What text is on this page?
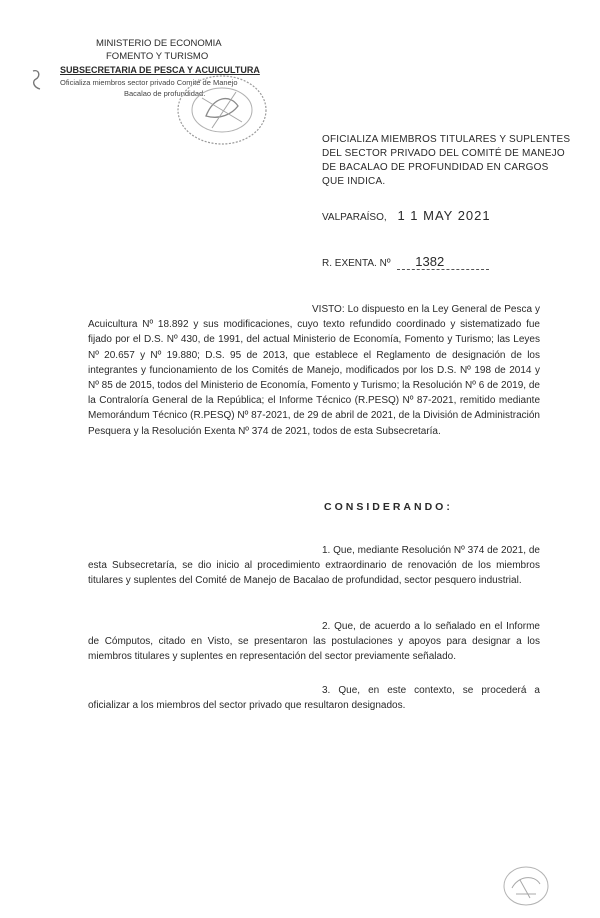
MINISTERIO DE ECONOMIA
FOMENTO Y TURISMO
SUBSECRETARIA DE PESCA Y ACUICULTURA
Oficializa miembros sector privado Comité de Manejo
Bacalao de profundidad.
OFICIALIZA MIEMBROS TITULARES Y SUPLENTES DEL SECTOR PRIVADO DEL COMITÉ DE MANEJO DE BACALAO DE PROFUNDIDAD EN CARGOS QUE INDICA.
VALPARAÍSO, 1 1 MAY 2021
R. EXENTA. Nº 1382
VISTO: Lo dispuesto en la Ley General de Pesca y Acuicultura Nº 18.892 y sus modificaciones, cuyo texto refundido coordinado y sistematizado fue fijado por el D.S. Nº 430, de 1991, del actual Ministerio de Economía, Fomento y Turismo; las Leyes Nº 20.657 y Nº 19.880; D.S. 95 de 2013, que establece el Reglamento de designación de los integrantes y funcionamiento de los Comités de Manejo, modificados por los D.S. Nº 198 de 2014 y Nº 85 de 2015, todos del Ministerio de Economía, Fomento y Turismo; la Resolución Nº 6 de 2019, de la Contraloría General de la República; el Informe Técnico (R.PESQ) Nº 87-2021, remitido mediante Memorándum Técnico (R.PESQ) Nº 87-2021, de 29 de abril de 2021, de la División de Administración Pesquera y la Resolución Exenta Nº 374 de 2021, todos de esta Subsecretaría.
CONSIDERANDO:
1. Que, mediante Resolución Nº 374 de 2021, de esta Subsecretaría, se dio inicio al procedimiento extraordinario de renovación de los miembros titulares y suplentes del Comité de Manejo de Bacalao de profundidad, sector pesquero industrial.
2. Que, de acuerdo a lo señalado en el Informe de Cómputos, citado en Visto, se presentaron las postulaciones y apoyos para designar a los miembros titulares y suplentes en representación del sector previamente señalado.
3. Que, en este contexto, se procederá a oficializar a los miembros del sector privado que resultaron designados.
